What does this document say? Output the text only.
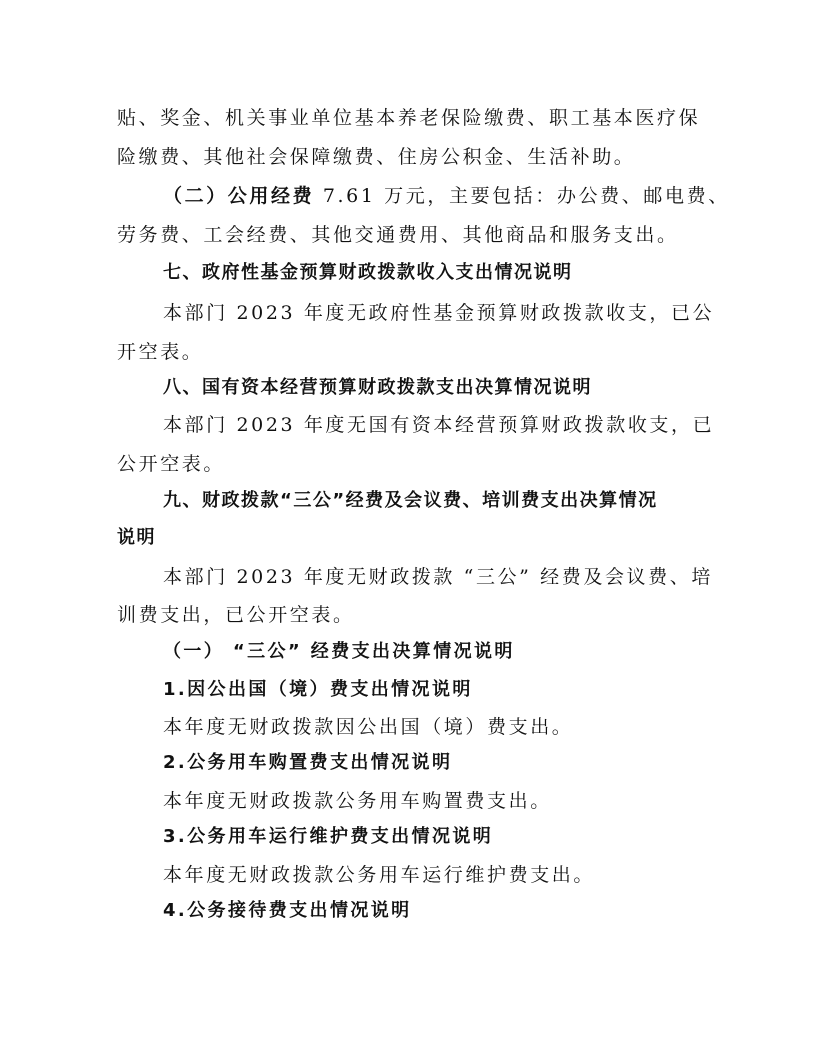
贴、奖金、机关事业单位基本养老保险缴费、职工基本医疗保

险缴费、其他社会保障缴费、住房公积金、生活补助。

（二）公用经费 7.61 万元，主要包括：办公费、邮电费、

劳务费、工会经费、其他交通费用、其他商品和服务支出。

七、政府性基金预算财政拨款收入支出情况说明

本部门 2023 年度无政府性基金预算财政拨款收支，已公

开空表。

八、国有资本经营预算财政拨款支出决算情况说明

本部门 2023 年度无国有资本经营预算财政拨款收支，已

公开空表。

九、财政拨款“三公”经费及会议费、培训费支出决算情况

说明

本部门 2023 年度无财政拨款 “三公” 经费及会议费、培

训费支出，已公开空表。

（一） “三公” 经费支出决算情况说明

1.因公出国（境）费支出情况说明

本年度无财政拨款因公出国（境）费支出。

2.公务用车购置费支出情况说明

本年度无财政拨款公务用车购置费支出。

3.公务用车运行维护费支出情况说明

本年度无财政拨款公务用车运行维护费支出。

4.公务接待费支出情况说明
